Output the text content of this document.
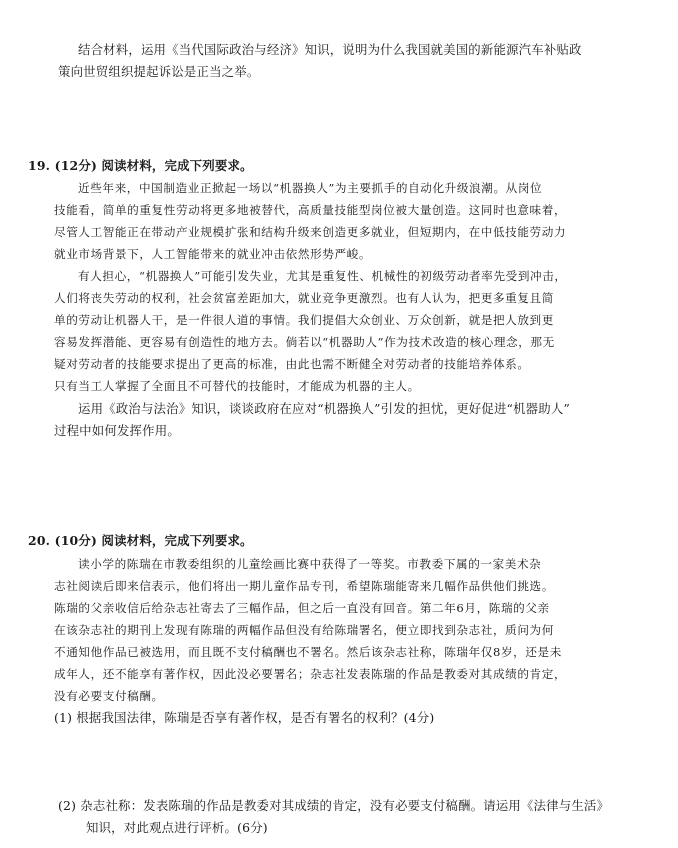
结合材料，运用《当代国际政治与经济》知识，说明为什么我国就美国的新能源汽车补贴政
策向世贸组织提起诉讼是正当之举。
19. (12分) 阅读材料，完成下列要求。
近些年来，中国制造业正掀起一场以“机器换人”为主要抓手的自动化升级浪潮。从岗位
技能看，简单的重复性劳动将更多地被替代，高质量技能型岗位被大量创造。这同时也意味着，
尽管人工智能正在带动产业规模扩张和结构升级来创造更多就业，但短期内，在中低技能劳动力
就业市场背景下，人工智能带来的就业冲击依然形势严峻。
有人担心，“机器换人”可能引发失业，尤其是重复性、机械性的初级劳动者率先受到冲击，
人们将丧失劳动的权利，社会贫富差距加大，就业竞争更激烈。也有人认为，把更多重复且简
单的劳动让机器人干，是一件很人道的事情。我们提倡大众创业、万众创新，就是把人放到更
容易发挥潜能、更容易有创造性的地方去。倘若以“机器助人”作为技术改造的核心理念，那无
疑对劳动者的技能要求提出了更高的标准，由此也需不断健全对劳动者的技能培养体系。
只有当工人掌握了全面且不可替代的技能时，才能成为机器的主人。
运用《政治与法治》知识，谈谈政府在应对“机器换人”引发的担忧，更好促进“机器助人”
过程中如何发挥作用。
20. (10分) 阅读材料，完成下列要求。
读小学的陈瑞在市教委组织的儿童绘画比赛中获得了一等奖。市教委下属的一家美术杂
志社阅读后即来信表示，他们将出一期儿童作品专刊，希望陈瑞能寄来几幅作品供他们挑选。
陈瑞的父亲收信后给杂志社寄去了三幅作品，但之后一直没有回音。第二年6月，陈瑞的父亲
在该杂志社的期刊上发现有陈瑞的两幅作品但没有给陈瑞署名，便立即找到杂志社，质问为何
不通知他作品已被选用，而且既不支付稿酬也不署名。然后该杂志社称，陈瑞年仅8岁，还是未
成年人，还不能享有著作权，因此没必要署名；杂志社发表陈瑞的作品是教委对其成绩的肯定，
没有必要支付稿酬。
(1) 根据我国法律，陈瑞是否享有著作权，是否有署名的权利？(4分)
(2) 杂志社称：发表陈瑞的作品是教委对其成绩的肯定，没有必要支付稿酬。请运用《法律与生活》
知识，对此观点进行评析。(6分)
